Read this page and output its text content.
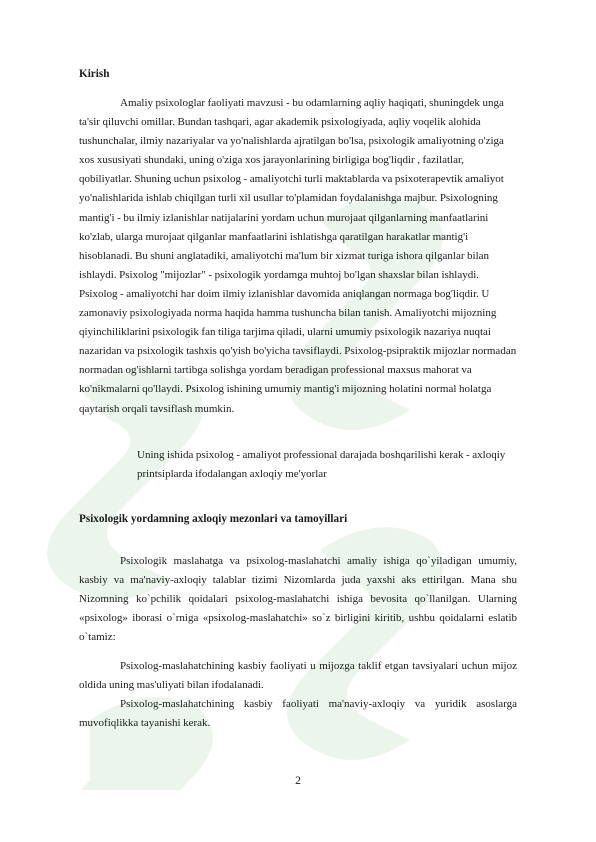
Kirish

Amaliy psixologlar faoliyati mavzusi - bu odamlarning aqliy haqiqati, shuningdek unga ta'sir qiluvchi omillar. Bundan tashqari, agar akademik psixologiyada, aqliy voqelik alohida tushunchalar, ilmiy nazariyalar va yo'nalishlarda ajratilgan bo'lsa, psixologik amaliyotning o'ziga xos xususiyati shundaki, uning o'ziga xos jarayonlarining birligiga bog'liqdir , fazilatlar, qobiliyatlar. Shuning uchun psixolog - amaliyotchi turli maktablarda va psixoterapevtik amaliyot yo'nalishlarida ishlab chiqilgan turli xil usullar to'plamidan foydalanishga majbur. Psixologning mantig'i - bu ilmiy izlanishlar natijalarini yordam uchun murojaat qilganlarning manfaatlarini ko'zlab, ularga murojaat qilganlar manfaatlarini ishlatishga qaratilgan harakatlar mantig'i hisoblanadi. Bu shuni anglatadiki, amaliyotchi ma'lum bir xizmat turiga ishora qilganlar bilan ishlaydi. Psixolog "mijozlar" - psixologik yordamga muhtoj bo'lgan shaxslar bilan ishlaydi. Psixolog - amaliyotchi har doim ilmiy izlanishlar davomida aniqlangan normaga bog'liqdir. U zamonaviy psixologiyada norma haqida hamma tushuncha bilan tanish. Amaliyotchi mijozning qiyinchiliklarini psixologik fan tiliga tarjima qiladi, ularni umumiy psixologik nazariya nuqtai nazaridan va psixologik tashxis qo'yish bo'yicha tavsiflaydi. Psixolog-psipraktik mijozlar normadan normadan og'ishlarni tartibga solishga yordam beradigan professional maxsus mahorat va ko'nikmalarni qo'llaydi. Psixolog ishining umumiy mantig'i mijozning holatini normal holatga qaytarish orqali tavsiflash mumkin.

Uning ishida psixolog - amaliyot professional darajada boshqarilishi kerak - axloqiy printsiplarda ifodalangan axloqiy me'yorlar

Psixologik yordamning axloqiy mezonlari va tamoyillari

Psixologik maslahatga va psixolog-maslahatchi amaliy ishiga qo`yiladigan umumiy, kasbiy va ma'naviy-axloqiy talablar tizimi Nizomlarda juda yaxshi aks ettirilgan. Mana shu Nizomning ko`pchilik qoidalari psixolog-maslahatchi ishiga bevosita qo`llanilgan. Ularning «psixolog» iborasi o`rniga «psixolog-maslahatchi» so`z birligini kiritib, ushbu qoidalarni eslatib o`tamiz:

Psixolog-maslahatchining kasbiy faoliyati u mijozga taklif etgan tavsiyalari uchun mijoz oldida uning mas'uliyati bilan ifodalanadi.

Psixolog-maslahatchining kasbiy faoliyati ma'naviy-axloqiy va yuridik asoslarga muvofiqlikka tayanishi kerak.

2
